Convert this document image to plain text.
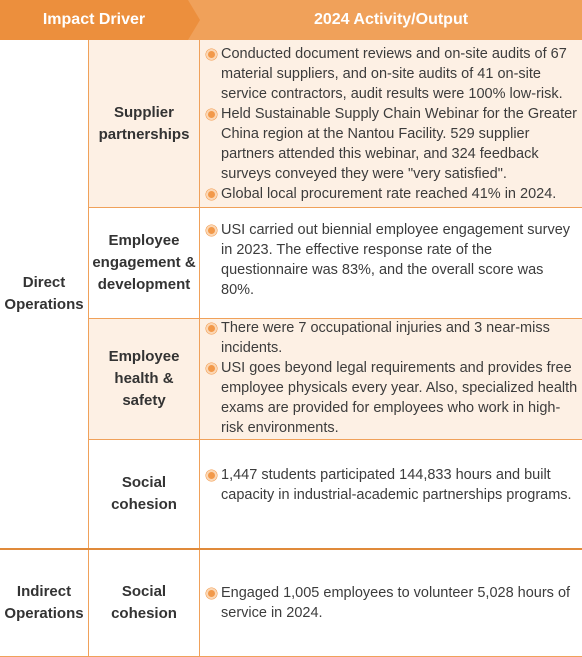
Impact Driver	2024 Activity/Output
Direct
Operations
Indirect
Operations
Supplier
partnerships
Employee
engagement &
development
Employee
health &
safety
Social
cohesion
Social
cohesion
Conducted document reviews and on-site audits of 67 material suppliers, and on-site audits of 41 on-site service contractors, audit results were 100% low-risk.
Held Sustainable Supply Chain Webinar for the Greater China region at the Nantou Facility. 529 supplier partners attended this webinar, and 324 feedback surveys conveyed they were "very satisfied".
Global local procurement rate reached 41% in 2024.
USI carried out biennial employee engagement survey in 2023. The effective response rate of the questionnaire was 83%, and the overall score was 80%.
There were 7 occupational injuries and 3 near-miss incidents.
USI goes beyond legal requirements and provides free employee physicals every year. Also, specialized health exams are provided for employees who work in high-risk environments.
1,447 students participated 144,833 hours and built capacity in industrial-academic partnerships programs.
Engaged 1,005 employees to volunteer 5,028 hours of service in 2024.
